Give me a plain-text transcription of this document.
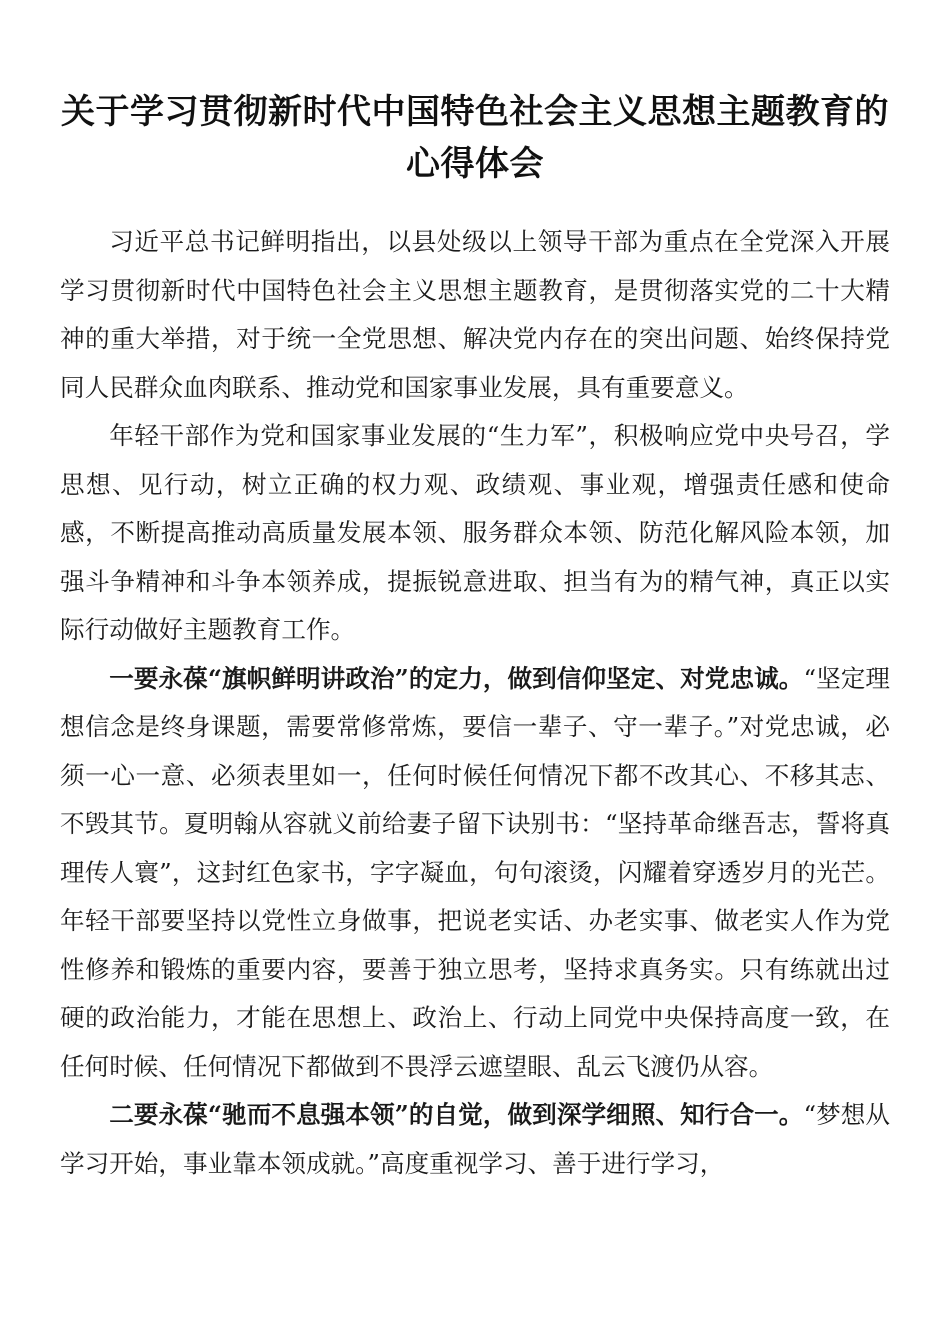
关于学习贯彻新时代中国特色社会主义思想主题教育的心得体会

习近平总书记鲜明指出，以县处级以上领导干部为重点在全党深入开展学习贯彻新时代中国特色社会主义思想主题教育，是贯彻落实党的二十大精神的重大举措，对于统一全党思想、解决党内存在的突出问题、始终保持党同人民群众血肉联系、推动党和国家事业发展，具有重要意义。

年轻干部作为党和国家事业发展的“生力军”，积极响应党中央号召，学思想、见行动，树立正确的权力观、政绩观、事业观，增强责任感和使命感，不断提高推动高质量发展本领、服务群众本领、防范化解风险本领，加强斗争精神和斗争本领养成，提振锐意进取、担当有为的精气神，真正以实际行动做好主题教育工作。

一要永葆“旗帜鲜明讲政治”的定力，做到信仰坚定、对党忠诚。“坚定理想信念是终身课题，需要常修常炼，要信一辈子、守一辈子。”对党忠诚，必须一心一意、必须表里如一，任何时候任何情况下都不改其心、不移其志、不毁其节。夏明翰从容就义前给妻子留下诀别书：“坚持革命继吾志，誓将真理传人寰”，这封红色家书，字字凝血，句句滚烫，闪耀着穿透岁月的光芒。年轻干部要坚持以党性立身做事，把说老实话、办老实事、做老实人作为党性修养和锻炼的重要内容，要善于独立思考，坚持求真务实。只有练就出过硬的政治能力，才能在思想上、政治上、行动上同党中央保持高度一致，在任何时候、任何情况下都做到不畏浮云遮望眼、乱云飞渡仍从容。

二要永葆“驰而不息强本领”的自觉，做到深学细照、知行合一。“梦想从学习开始，事业靠本领成就。”高度重视学习、善于进行学习，
